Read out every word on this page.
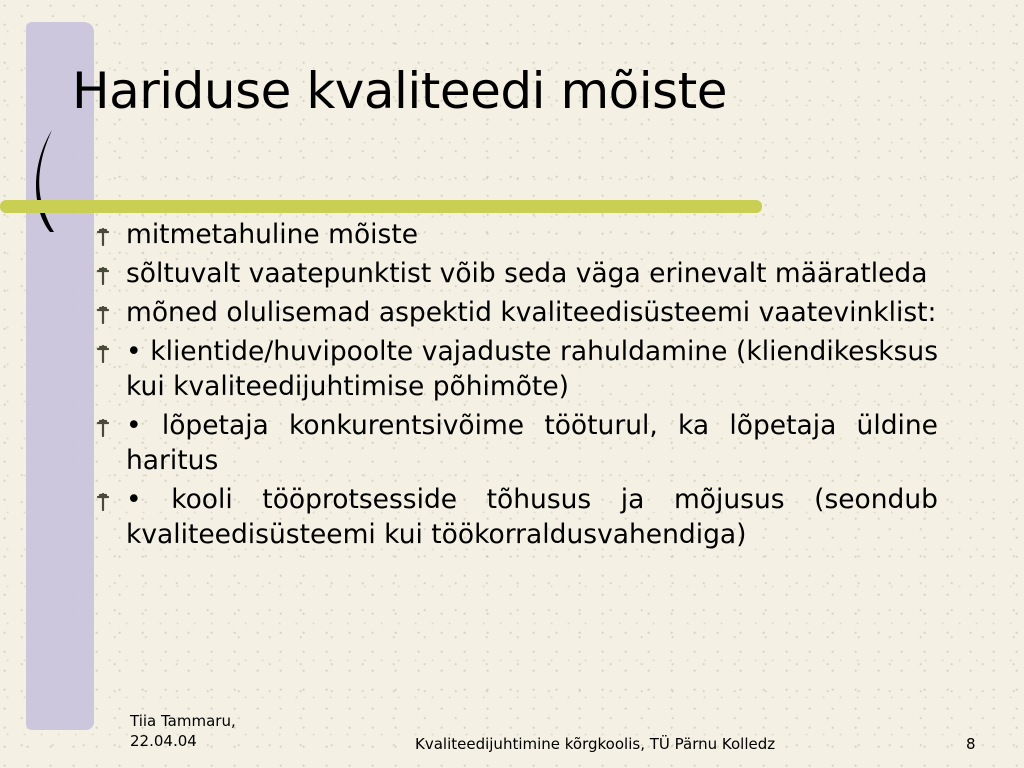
Hariduse kvaliteedi mõiste
mitmetahuline mõiste
sõltuvalt vaatepunktist võib seda väga erinevalt määratleda
mõned olulisemad aspektid kvaliteedisüsteemi vaatevinklist:
• klientide/huvipoolte vajaduste rahuldamine (kliendikesksus kui kvaliteedijuhtimise põhimõte)
• lõpetaja konkurentsivõime tööturul, ka lõpetaja üldine haritus
• kooli tööprotsesside tõhusus ja mõjusus (seondub kvaliteedisüsteemi kui töökorraldusvahendiga)
Tiia Tammaru,
22.04.04	Kvaliteedijuhtimine kõrgkoolis, TÜ Pärnu Kolledz	8
